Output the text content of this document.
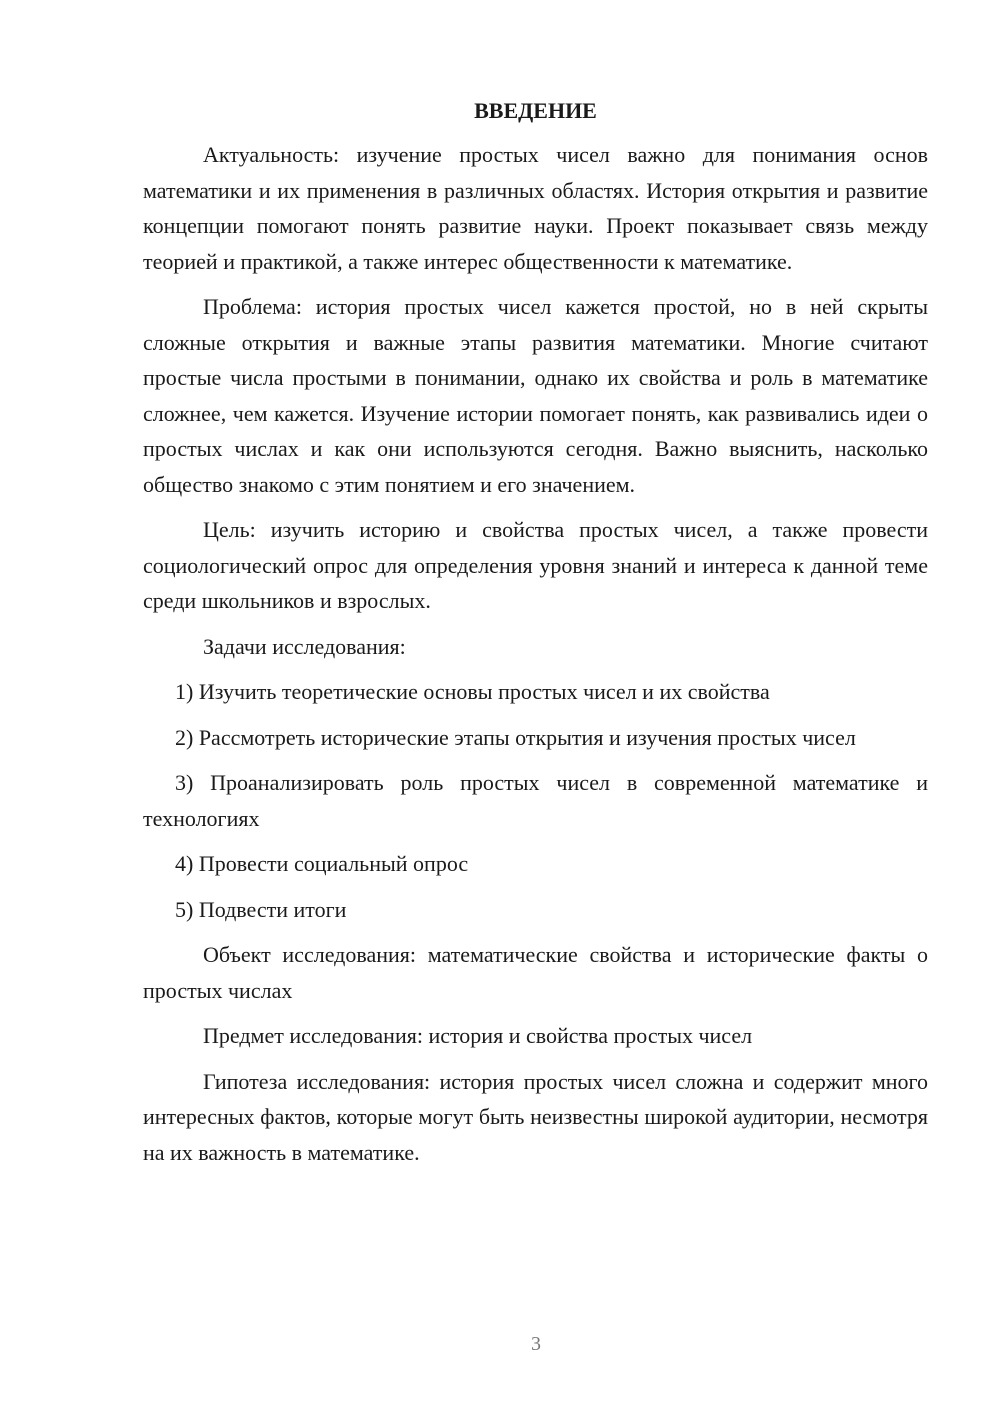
ВВЕДЕНИЕ

Актуальность: изучение простых чисел важно для понимания основ математики и их применения в различных областях. История открытия и развитие концепции помогают понять развитие науки. Проект показывает связь между теорией и практикой, а также интерес общественности к математике.

Проблема: история простых чисел кажется простой, но в ней скрыты сложные открытия и важные этапы развития математики. Многие считают простые числа простыми в понимании, однако их свойства и роль в математике сложнее, чем кажется. Изучение истории помогает понять, как развивались идеи о простых числах и как они используются сегодня. Важно выяснить, насколько общество знакомо с этим понятием и его значением.

Цель: изучить историю и свойства простых чисел, а также провести социологический опрос для определения уровня знаний и интереса к данной теме среди школьников и взрослых.

Задачи исследования:

1) Изучить теоретические основы простых чисел и их свойства

2) Рассмотреть исторические этапы открытия и изучения простых чисел

3) Проанализировать роль простых чисел в современной математике и технологиях

4) Провести социальный опрос

5) Подвести итоги

Объект исследования: математические свойства и исторические факты о простых числах

Предмет исследования: история и свойства простых чисел

Гипотеза исследования: история простых чисел сложна и содержит много интересных фактов, которые могут быть неизвестны широкой аудитории, несмотря на их важность в математике.

3
